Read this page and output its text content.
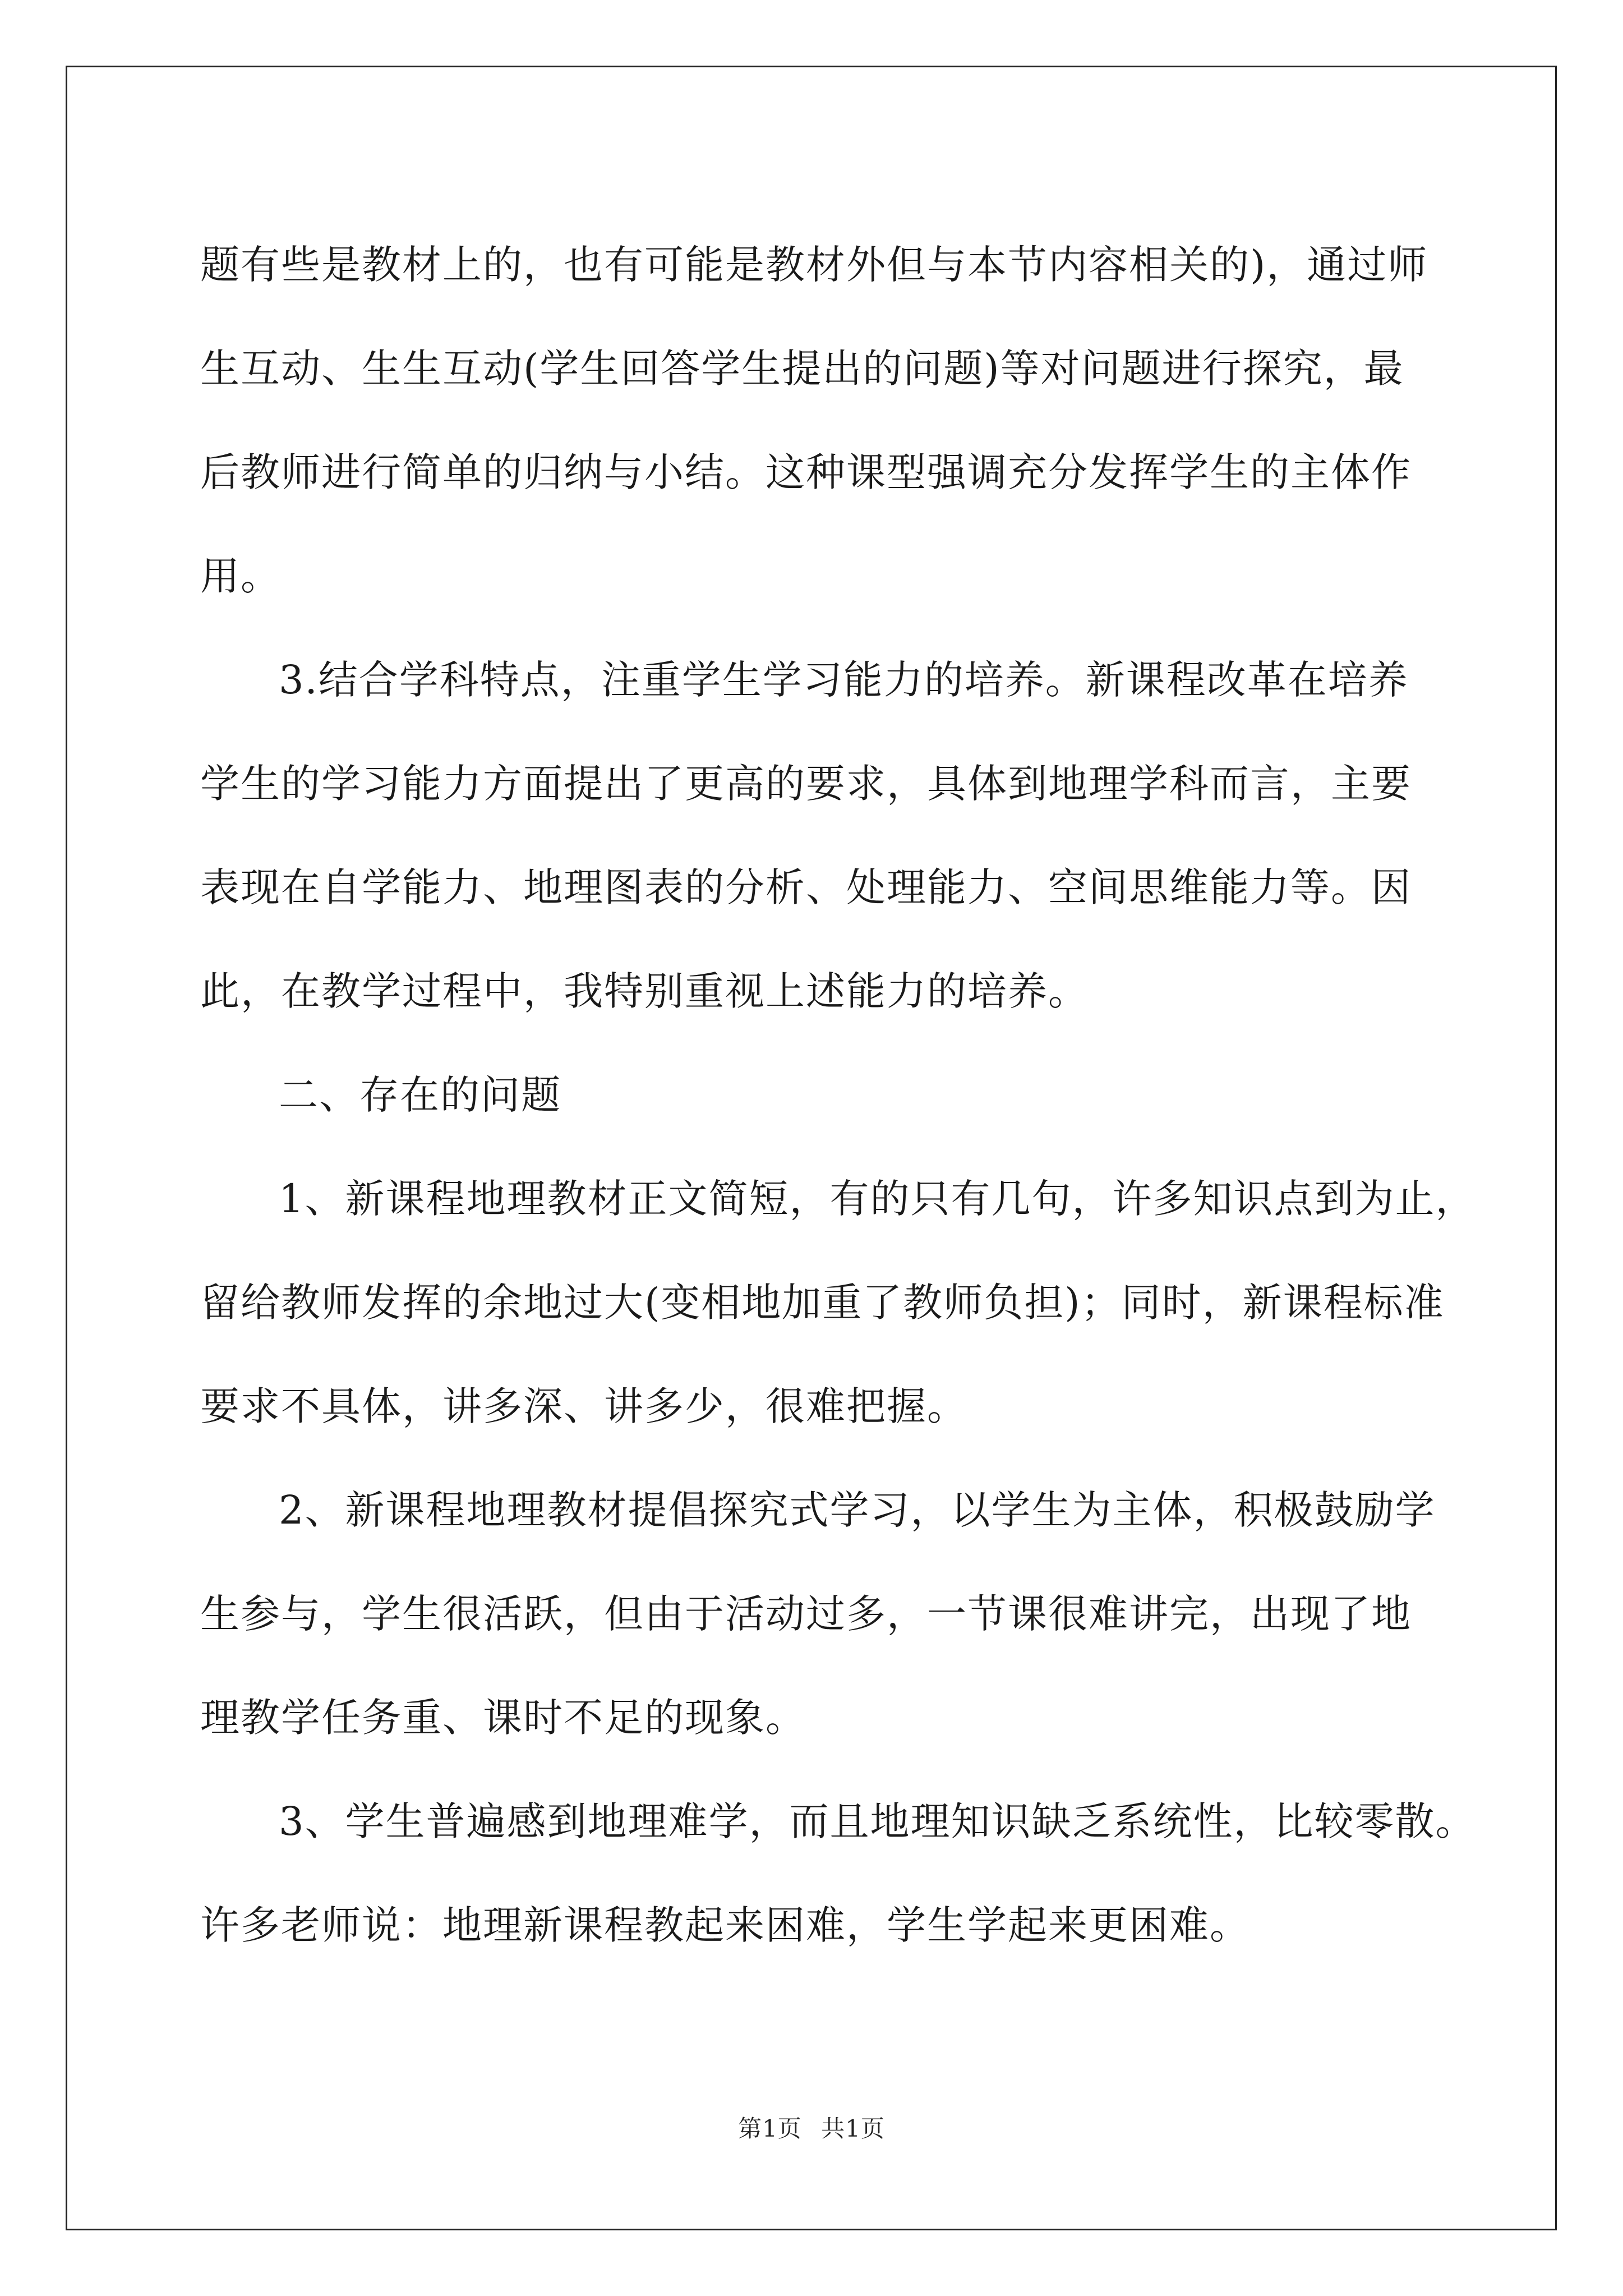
题有些是教材上的，也有可能是教材外但与本节内容相关的)，通过师
生互动、生生互动(学生回答学生提出的问题)等对问题进行探究，最
后教师进行简单的归纳与小结。这种课型强调充分发挥学生的主体作
用。
3.结合学科特点，注重学生学习能力的培养。新课程改革在培养
学生的学习能力方面提出了更高的要求，具体到地理学科而言，主要
表现在自学能力、地理图表的分析、处理能力、空间思维能力等。因
此，在教学过程中，我特别重视上述能力的培养。
二、存在的问题
1、新课程地理教材正文简短，有的只有几句，许多知识点到为止，
留给教师发挥的余地过大(变相地加重了教师负担)；同时，新课程标准
要求不具体，讲多深、讲多少，很难把握。
2、新课程地理教材提倡探究式学习，以学生为主体，积极鼓励学
生参与，学生很活跃，但由于活动过多，一节课很难讲完，出现了地
理教学任务重、课时不足的现象。
3、学生普遍感到地理难学，而且地理知识缺乏系统性，比较零散。
许多老师说：地理新课程教起来困难，学生学起来更困难。
第1页 共1页
